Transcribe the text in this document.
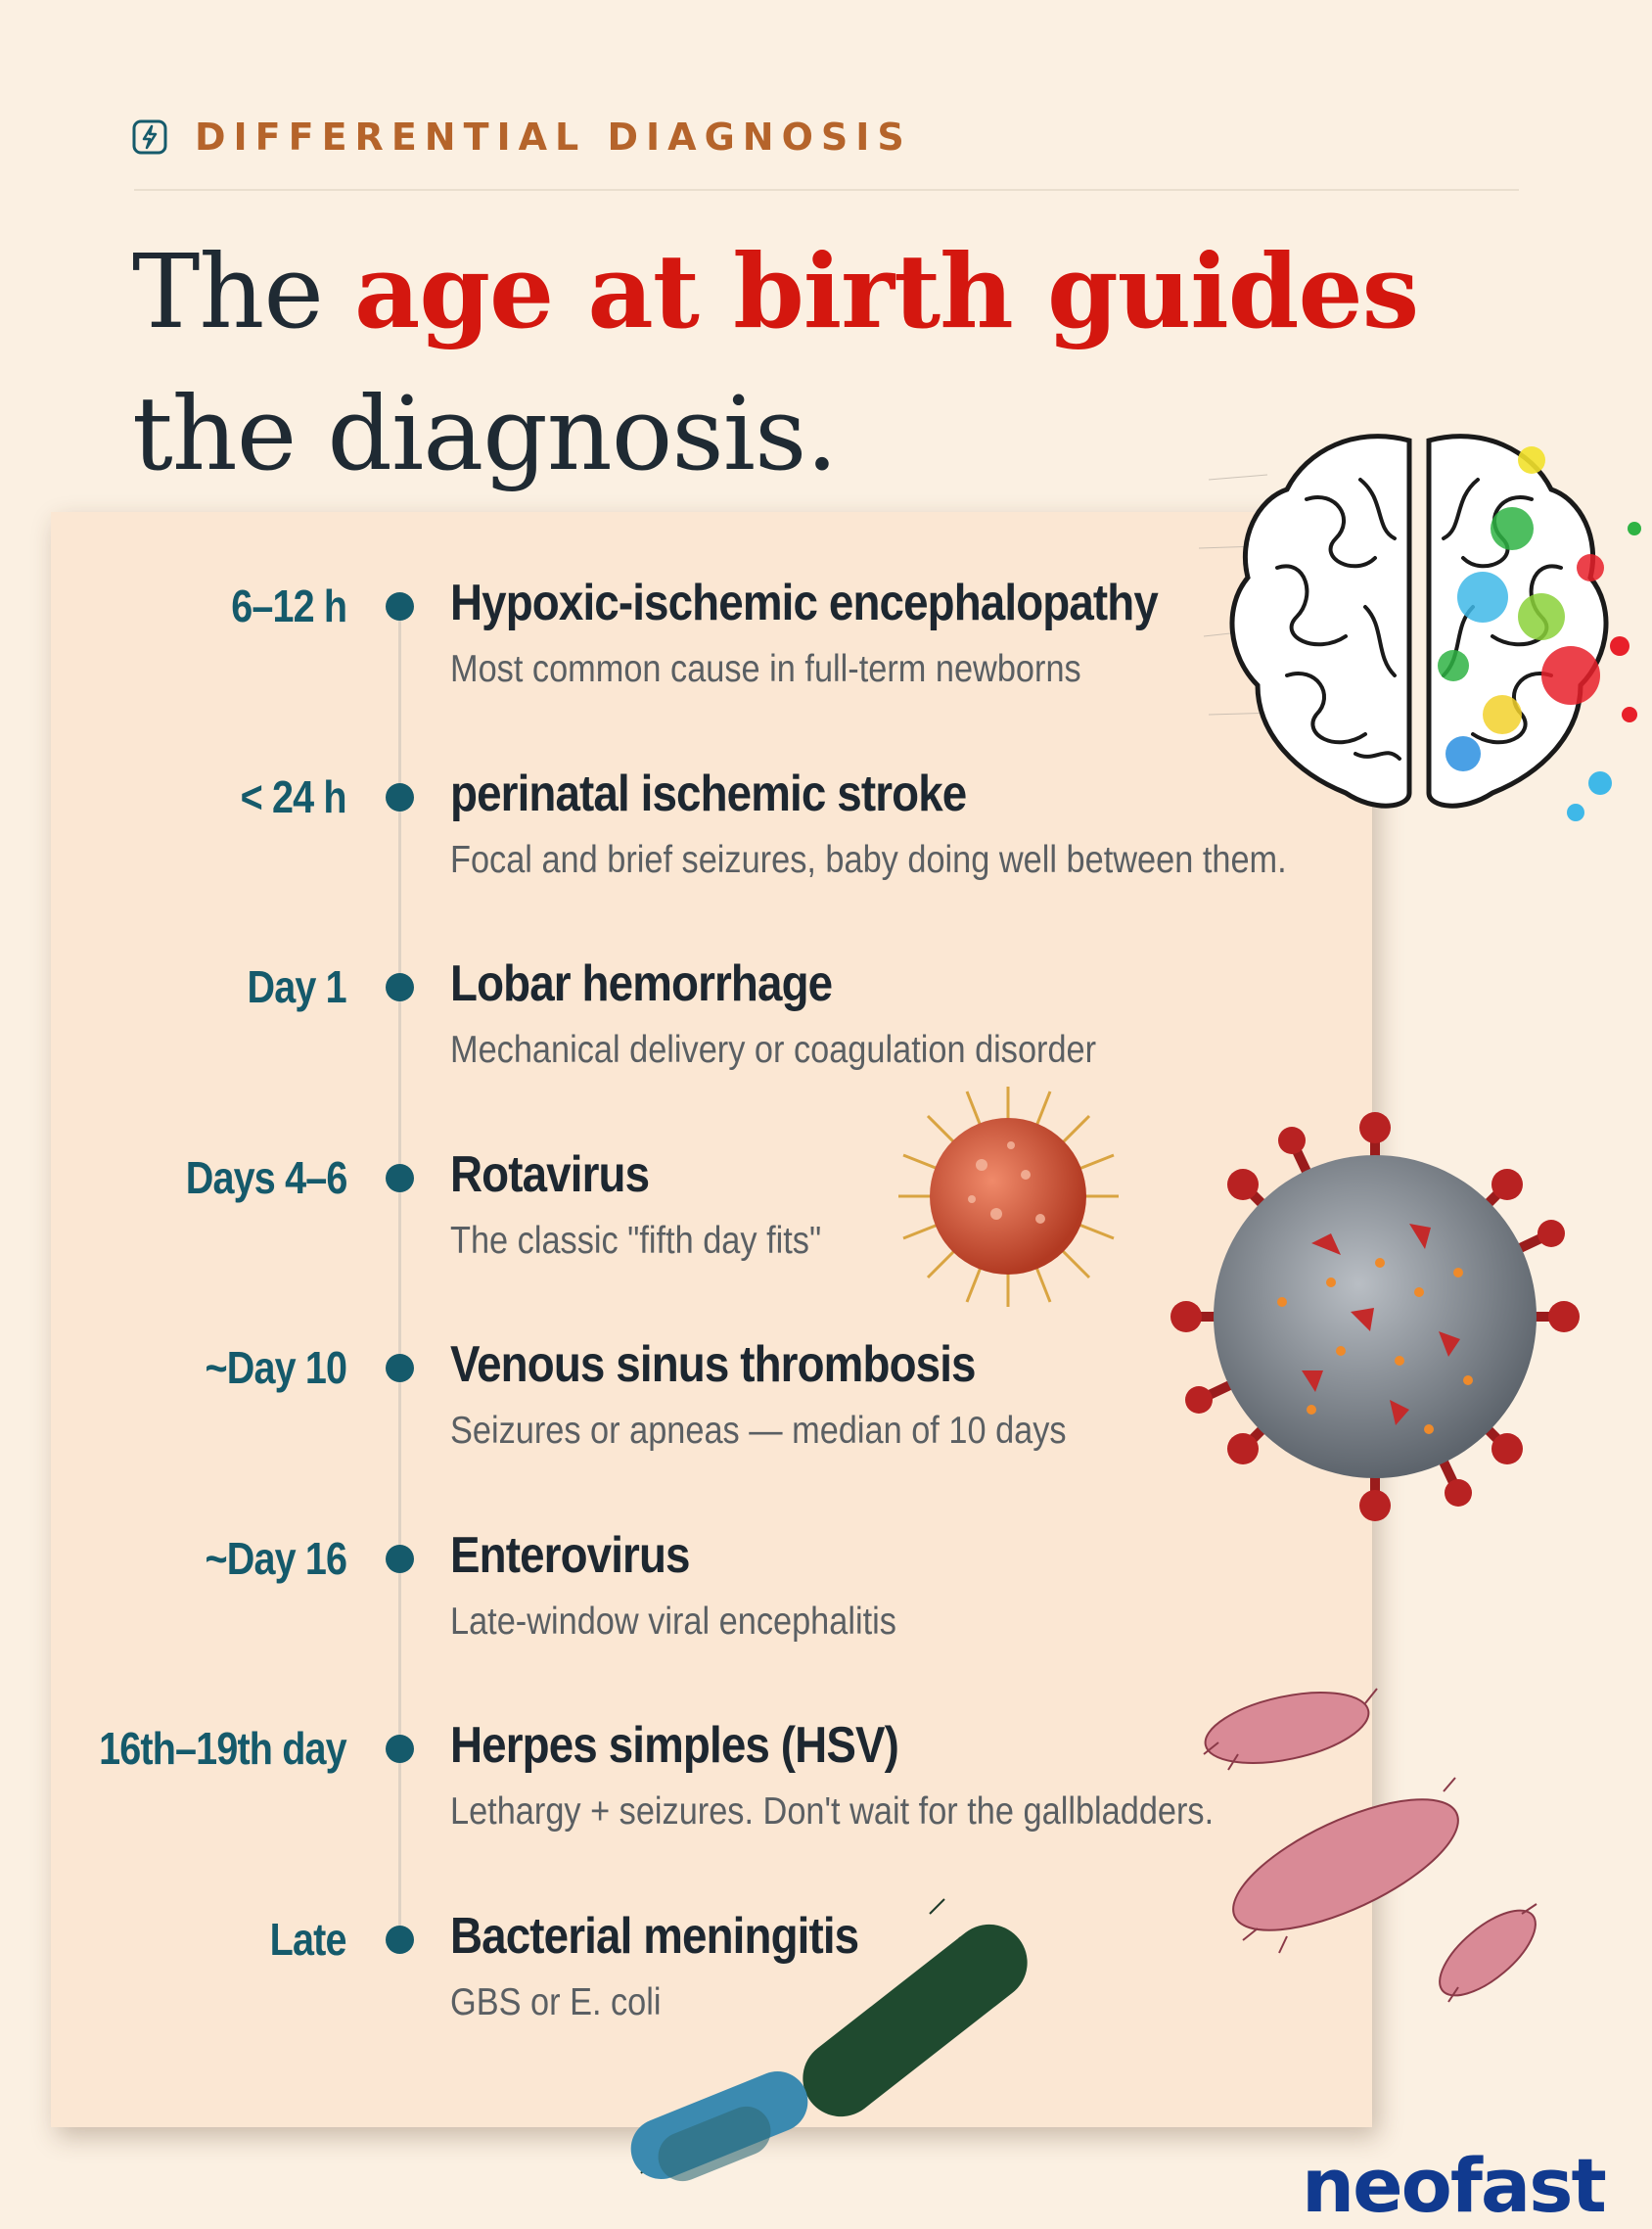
DIFFERENTIAL DIAGNOSIS
The age at birth guides the diagnosis.
6–12 h Hypoxic-ischemic encephalopathy
Most common cause in full-term newborns
< 24 h perinatal ischemic stroke
Focal and brief seizures, baby doing well between them.
Day 1 Lobar hemorrhage
Mechanical delivery or coagulation disorder
Days 4–6 Rotavirus
The classic "fifth day fits"
~Day 10 Venous sinus thrombosis
Seizures or apneas — median of 10 days
~Day 16 Enterovirus
Late-window viral encephalitis
16th–19th day Herpes simples (HSV)
Lethargy + seizures. Don't wait for the gallbladders.
Late Bacterial meningitis
GBS or E. coli
neofast
